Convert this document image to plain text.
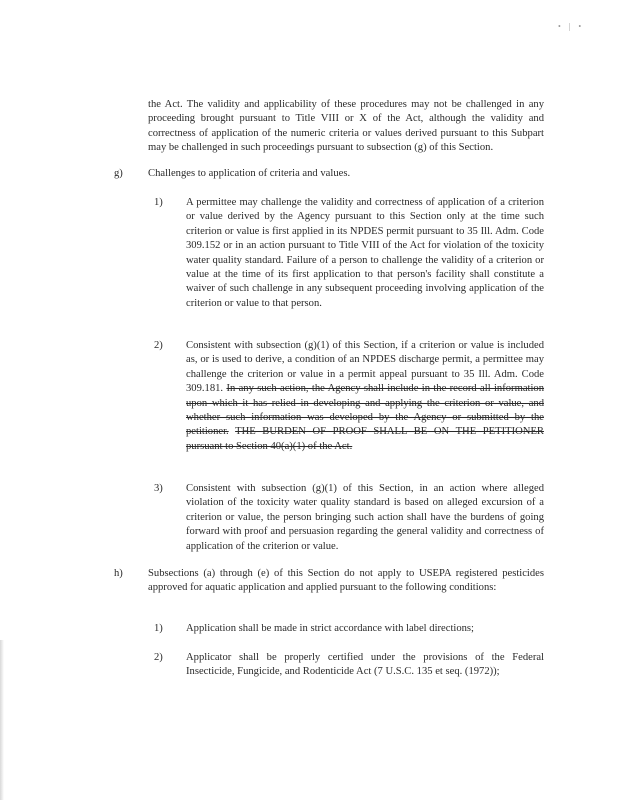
• | •

the Act. The validity and applicability of these procedures may not be challenged in any proceeding brought pursuant to Title VIII or X of the Act, although the validity and correctness of application of the numeric criteria or values derived pursuant to this Subpart may be challenged in such proceedings pursuant to subsection (g) of this Section.

g) Challenges to application of criteria and values.

1) A permittee may challenge the validity and correctness of application of a criterion or value derived by the Agency pursuant to this Section only at the time such criterion or value is first applied in its NPDES permit pursuant to 35 Ill. Adm. Code 309.152 or in an action pursuant to Title VIII of the Act for violation of the toxicity water quality standard. Failure of a person to challenge the validity of a criterion or value at the time of its first application to that person's facility shall constitute a waiver of such challenge in any subsequent proceeding involving application of the criterion or value to that person.

2) Consistent with subsection (g)(1) of this Section, if a criterion or value is included as, or is used to derive, a condition of an NPDES discharge permit, a permittee may challenge the criterion or value in a permit appeal pursuant to 35 Ill. Adm. Code 309.181. In any such action, the Agency shall include in the record all information upon which it has relied in developing and applying the criterion or value, and whether such information was developed by the Agency or submitted by the petitioner. THE BURDEN OF PROOF SHALL BE ON THE PETITIONER pursuant to Section 40(a)(1) of the Act.

3) Consistent with subsection (g)(1) of this Section, in an action where alleged violation of the toxicity water quality standard is based on alleged excursion of a criterion or value, the person bringing such action shall have the burdens of going forward with proof and persuasion regarding the general validity and correctness of application of the criterion or value.

h) Subsections (a) through (e) of this Section do not apply to USEPA registered pesticides approved for aquatic application and applied pursuant to the following conditions:

1) Application shall be made in strict accordance with label directions;

2) Applicator shall be properly certified under the provisions of the Federal Insecticide, Fungicide, and Rodenticide Act (7 U.S.C. 135 et seq. (1972));
